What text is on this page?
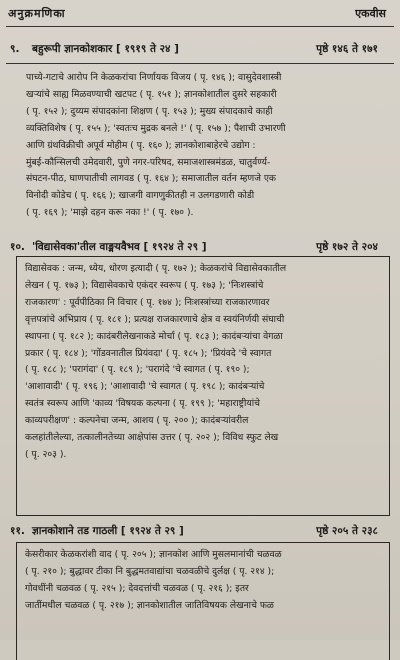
अनुक्रमणिका	एकवीस
९. बहुरूपी ज्ञानकोशकार [ १९१९ ते २४ ]	पृष्ठे १४६ ते १७१
पाच्ये-गटाचे आरोप नि केळकरांचा निर्णायक विजय ( पृ. १४६ ); वासुदेवशास्त्री
खऱ्यांचे साह्य मिळवण्याची खटपट ( पृ. १५१ ); ज्ञानकोशातील दुसरे सहकारी
( पृ. १५२ ); दुय्यम संपादकांना शिक्षण ( पृ. १५३ ); मुख्य संपादकाचे काही
व्यक्तिविशेष ( पृ. १५५ ); 'स्वतःच मुद्रक बनले !' ( पृ. १५७ ); पैशाची उभारणी
आणि ग्रंथविक्रीची अपूर्व मोहीम ( पृ. १६० ); ज्ञानकोशाबाहेरचे उद्योग :
मुंबई-कौन्सिलची उमेदवारी, पुणे नगर-परिषद, समाजशास्त्रमंडळ, चातुर्वर्ण्य-
संघटन-पीठ, घाणपातीची लागवड ( पृ. १६४ ); समाजातील वर्तन म्हणजे एक
विनोदी कोडेच ( पृ. १६६ ); खाजगी वागणुकीतही न उलगडणारी कोडी
( पृ. १६९ ); 'माझे दहन करू नका !' ( पृ. १७० ).
१०. 'विद्यासेवका'तील वाङ्मयवैभव [ १९२४ ते २९ ]	पृष्ठे १७२ ते २०४
विद्यासेवक : जन्म, ध्येय, धोरण इत्यादी ( पृ. १७२ ); केळकरांचे विद्यासेवकातील
लेखन ( पृ. १७३ ); विद्यासेवकाचे एकंदर स्वरूप ( पृ. १७३ ); 'निःशस्त्रांचे
राजकारण' : पूर्वपीठिका नि विचार ( पृ. १७४ ); निःशस्त्रांच्या राजकारणावर
वृत्तपत्रांचे अभिप्राय ( पृ. १८१ ); प्रत्यक्ष राजकारणाचे क्षेत्र व स्वयंनिर्णयी संघाची
स्थापना ( पृ. १८२ ); कादंबरीलेखनाकडे मोर्चा ( पृ. १८३ ); कादंबऱ्यांचा वेगळा
प्रकार ( पृ. १८४ ); 'गोंडवनातील प्रियंवदा' ( पृ. १८५ ); 'प्रियंवदे 'चे स्वागत
( पृ. १८८ ); 'परागंदा' ( पृ. १८९ ); 'परागंदे 'चे स्वागत ( पृ. १९० );
'आशावादी' ( पृ. १९६ ); 'आशावादी 'चे स्वागत ( पृ. १९८ ); कादंबऱ्यांचे
स्वतंत्र स्वरूप आणि 'काव्य 'विषयक कल्पना ( पृ. १९९ ); 'महाराष्ट्रीयांचे
काव्यपरीक्षण' : कल्पनेचा जन्म, आशय ( पृ. २०० ); कादंबऱ्यांवरील
कलहांतीलेल्या, तत्कालीनतेच्या आक्षेपांस उत्तर ( पृ. २०२ ); विविध स्फुट लेख
( पृ. २०३ ).
११. ज्ञानकोशाने तड गाठली [ १९२४ ते २९ ]	पृष्ठे २०५ ते २३८
केसरीकार केळकरांशी वाद ( पृ. २०५ ); ज्ञानकोश आणि मुसलमानांची चळवळ
( पृ. २१० ); बुद्धावर टीका नि बुद्धमतवाद्यांचा चळवळीचे दुर्लक्ष ( पृ. २१४ );
गोवधींनी चळवळ ( पृ. २१५ ); देवदत्तांची चळवळ ( पृ. २१६ ); इतर
जातींमधील चळवळ ( पृ. २१७ ); ज्ञानकोशातील जातिविषयक लेखनाचे फळ
